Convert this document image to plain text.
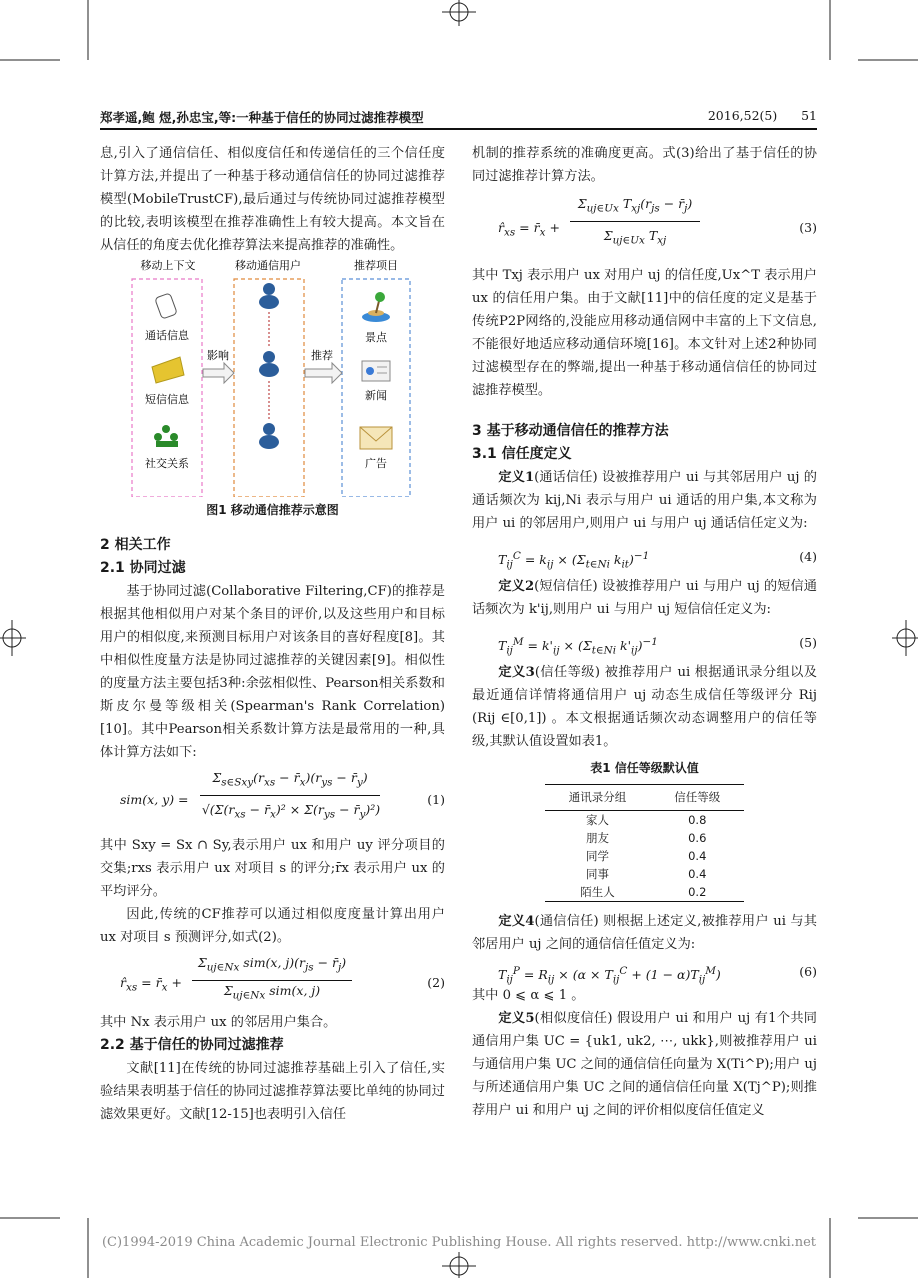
郑孝遥,鲍 煜,孙忠宝,等:一种基于信任的协同过滤推荐模型	2016,52(5) 51

息,引入了通信信任、相似度信任和传递信任的三个信任度计算方法,并提出了一种基于移动通信信任的协同过滤推荐模型(MobileTrustCF),最后通过与传统协同过滤推荐模型的比较,表明该模型在推荐准确性上有较大提高。本文旨在从信任的角度去优化推荐算法来提高推荐的准确性。

移动上下文	移动通信用户	推荐项目
通话信息
短信信息
社交关系
影响	推荐
景点
新闻
广告

图1 移动通信推荐示意图

2 相关工作

2.1 协同过滤

基于协同过滤(Collaborative Filtering,CF)的推荐是根据其他相似用户对某个条目的评价,以及这些用户和目标用户的相似度,来预测目标用户对该条目的喜好程度[8]。其中相似性度量方法是协同过滤推荐的关键因素[9]。相似性的度量方法主要包括3种:余弦相似性、Pearson相关系数和斯皮尔曼等级相关(Spearman's Rank Correlation)[10]。其中Pearson相关系数计算方法是最常用的一种,具体计算方法如下:

sim(x, y) =
$\Sigma_{s\in Sxy}(r_{xs}$ − $r̄_x)(r_{ys}$ − $r̄_y$)
$√(\Sigma(r_{xs}$ − $r̄_x)^2 \times \Sigma(r_{ys}$ − $r̄_y)^2$)
(1)

其中 Sxy = Sx ∩ Sy,表示用户 ux 和用户 uy 评分项目的交集;rxs 表示用户 ux 对项目 s 的评分;r̄x 表示用户 ux 的平均评分。

因此,传统的CF推荐可以通过相似度度量计算出用户 ux 对项目 s 预测评分,如式(2)。

$r̂_{xs}$ = $r̄_x$ +
$\Sigma_{uj\in Nx}$ sim(x, $j)(r_{js}$ − $r̄_j$)
$\Sigma_{uj\in Nx}$ sim(x, j)
(2)

其中 Nx 表示用户 ux 的邻居用户集合。

2.2 基于信任的协同过滤推荐

文献[11]在传统的协同过滤推荐基础上引入了信任,实验结果表明基于信任的协同过滤推荐算法要比单纯的协同过滤效果更好。文献[12-15]也表明引入信任

机制的推荐系统的准确度更高。式(3)给出了基于信任的协同过滤推荐计算方法。

$r̂_{xs}$ = $r̄_x$ +
$\Sigma_{uj\in Ux}$ $T_{xj}(r_{js}$ − $r̄_j$)
$\Sigma_{uj\in Ux}$ $T_{xj}$
(3)

其中 Txj 表示用户 ux 对用户 uj 的信任度,Ux^T 表示用户 ux 的信任用户集。由于文献[11]中的信任度的定义是基于传统P2P网络的,没能应用移动通信网中丰富的上下文信息,不能很好地适应移动通信环境[16]。本文针对上述2种协同过滤模型存在的弊端,提出一种基于移动通信信任的协同过滤推荐模型。

3 基于移动通信信任的推荐方法

3.1 信任度定义

定义1(通话信任) 设被推荐用户 ui 与其邻居用户 uj 的通话频次为 kij,Ni 表示与用户 ui 通话的用户集,本文称为用户 ui 的邻居用户,则用户 ui 与用户 uj 通话信任定义为:

$T_{ij}^C = k_{ij} \times (\Sigma_{t\in Ni}$ $k_{it})^{-1}$	(4)

定义2(短信信任) 设被推荐用户 ui 与用户 uj 的短信通话频次为 k'ij,则用户 ui 与用户 uj 短信信任定义为:

$T_{ij}^M = k'_{ij} \times (\Sigma_{t\in Ni}$ $k'_{ij})^{-1}$	(5)

定义3(信任等级) 被推荐用户 ui 根据通讯录分组以及最近通信详情将通信用户 uj 动态生成信任等级评分 Rij (Rij ∈[0,1]) 。本文根据通话频次动态调整用户的信任等级,其默认值设置如表1。

表1 信任等级默认值

通讯录分组	信任等级
家人	0.8
朋友	0.6
同学	0.4
同事	0.4
陌生人	0.2

定义4(通信信任) 则根据上述定义,被推荐用户 ui 与其邻居用户 uj 之间的通信信任值定义为:

$T_{ij}^P = R_{ij} \times (\alpha \times T_{ij}^C + (1 - \alpha)T_{ij}^M)$	(6)

其中 0 ⩽ α ⩽ 1 。

定义5(相似度信任) 假设用户 ui 和用户 uj 有1个共同通信用户集 UC = {uk1, uk2, ⋯, ukk},则被推荐用户 ui 与通信用户集 UC 之间的通信信任向量为 X(Ti^P);用户 uj 与所述通信用户集 UC 之间的通信信任向量 X(Tj^P);则推荐用户 ui 和用户 uj 之间的评价相似度信任值定义

(C)1994-2019 China Academic Journal Electronic Publishing House. All rights reserved. http://www.cnki.net
